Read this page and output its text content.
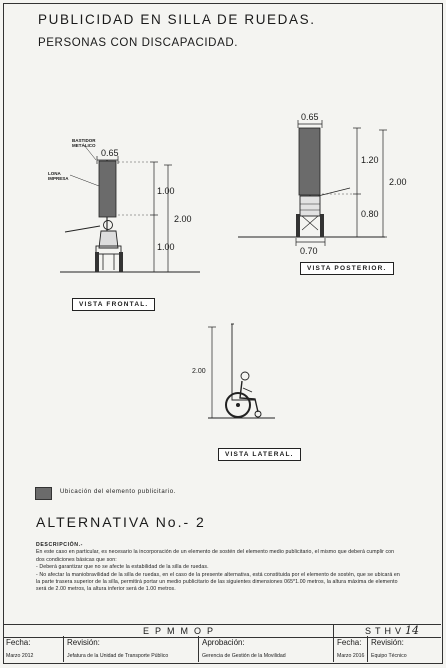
PUBLICIDAD EN SILLA DE RUEDAS.
PERSONAS CON DISCAPACIDAD.
BASTIDOR METÁLICO
LONA IMPRESA
0.65
1.00
2.00
1.00
VISTA FRONTAL.
0.65
1.20
2.00
0.80
0.70
VISTA POSTERIOR.
2.00
VISTA LATERAL.
Ubicación del elemento publicitario.
ALTERNATIVA No.- 2

DESCRIPCIÓN.-

En este caso en particular, es necesario la incorporación de un elemento de sostén del elemento medio publicitario, el mismo que deberá cumplir con dos condiciones básicas que son:

- Deberá garantizar que no se afecte la estabilidad de la silla de ruedas.

- No afectar la maniobravilidad de la silla de ruedas, en el caso de la presente alternativa, está constituida por el elemento de sostén, que se ubicará en la parte trasera superior de la silla, permitirá portar un medio publicitario de las siguientes dimensiones 065*1.00 metros, la altura máxima de elemento será de 2.00 metros, la altura inferior será de 1.00 metros.

EPMMOP	STHV14
Fecha:
Marzo 2012
Revisión:
Jefatura de la Unidad de Transporte Público
Aprobación:
Gerencia de Gestión de la Movilidad
Fecha:
Marzo 2016
Revisión:
Equipo Técnico
